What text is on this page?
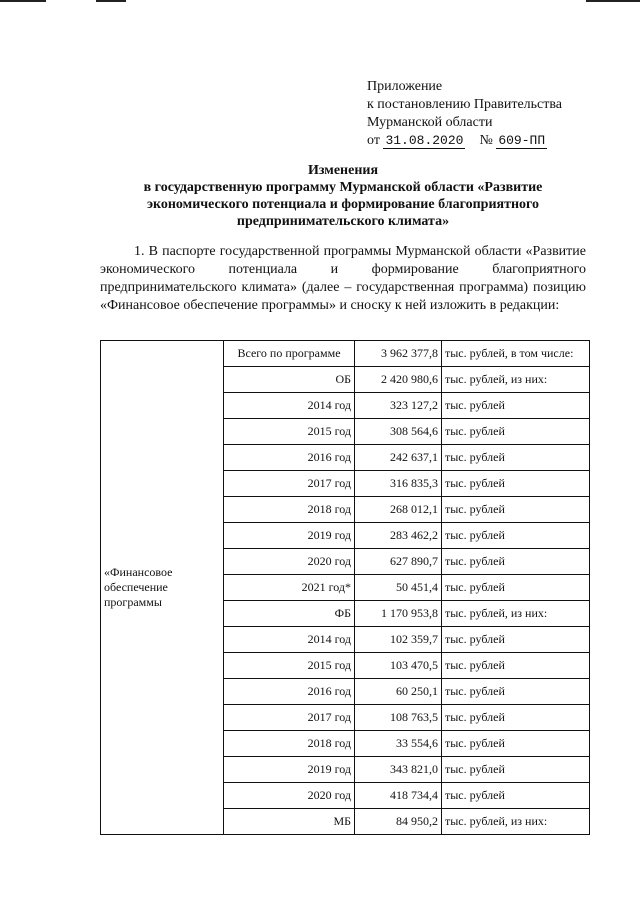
Приложение
к постановлению Правительства
Мурманской области
от 31.08.2020 № 609-ПП
Изменения
в государственную программу Мурманской области «Развитие
экономического потенциала и формирование благоприятного
предпринимательского климата»
1. В паспорте государственной программы Мурманской области «Развитие экономического потенциала и формирование благоприятного предпринимательского климата» (далее – государственная программа) позицию «Финансовое обеспечение программы» и сноску к ней изложить в редакции:
«Финансовое
обеспечение
программы	Всего по программе	3 962 377,8	тыс. рублей, в том числе:
	ОБ	2 420 980,6	тыс. рублей, из них:
	2014 год	323 127,2	тыс. рублей
	2015 год	308 564,6	тыс. рублей
	2016 год	242 637,1	тыс. рублей
	2017 год	316 835,3	тыс. рублей
	2018 год	268 012,1	тыс. рублей
	2019 год	283 462,2	тыс. рублей
	2020 год	627 890,7	тыс. рублей
	2021 год*	50 451,4	тыс. рублей
	ФБ	1 170 953,8	тыс. рублей, из них:
	2014 год	102 359,7	тыс. рублей
	2015 год	103 470,5	тыс. рублей
	2016 год	60 250,1	тыс. рублей
	2017 год	108 763,5	тыс. рублей
	2018 год	33 554,6	тыс. рублей
	2019 год	343 821,0	тыс. рублей
	2020 год	418 734,4	тыс. рублей
	МБ	84 950,2	тыс. рублей, из них:
